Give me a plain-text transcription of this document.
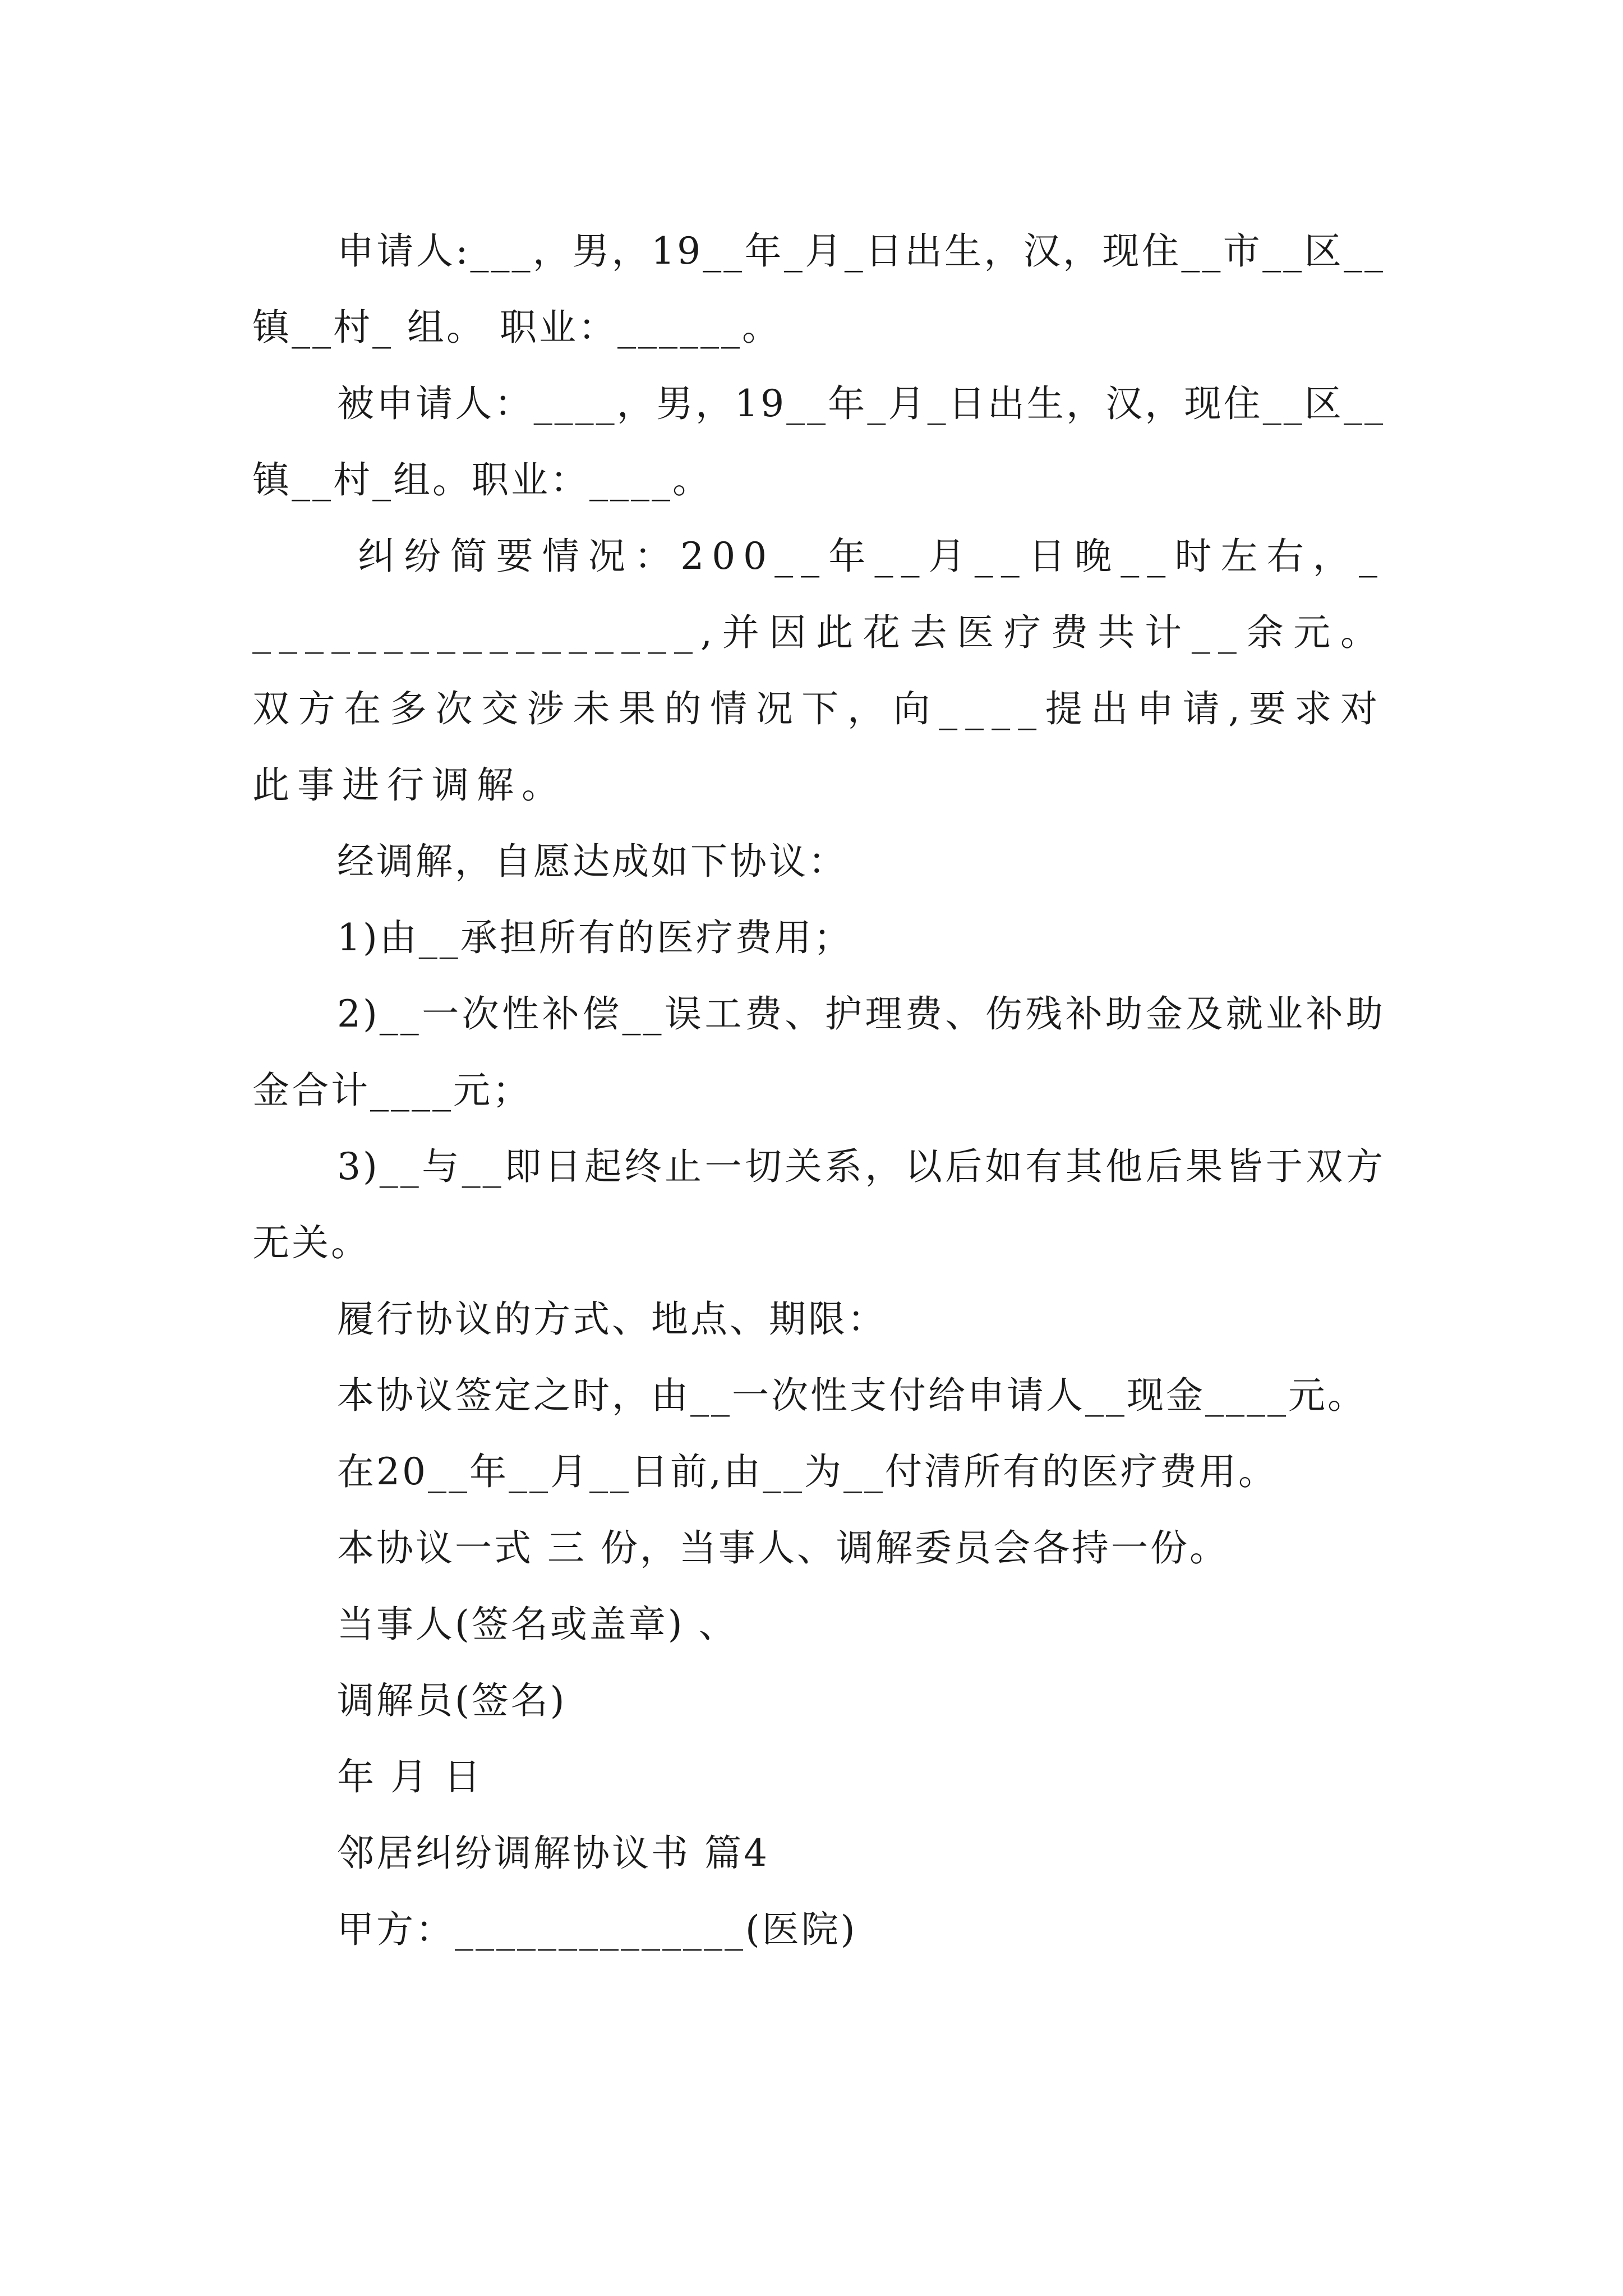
申请人:___，男，19__年_月_日出生，汉，现住__市__区__镇__村_ 组。 职业：______。

被申请人：____，男，19__年_月_日出生，汉，现住__区__镇__村_组。职业：____。

纠纷简要情况：200__年__月__日晚__时左右，__________________,并因此花去医疗费共计__余元。双方在多次交涉未果的情况下，向____提出申请,要求对此事进行调解。

经调解，自愿达成如下协议：

1)由__承担所有的医疗费用；

2)__一次性补偿__误工费、护理费、伤残补助金及就业补助金合计____元；

3)__与__即日起终止一切关系，以后如有其他后果皆于双方无关。

履行协议的方式、地点、期限：

本协议签定之时，由__一次性支付给申请人__现金____元。

在20__年__月__日前,由__为__付清所有的医疗费用。

本协议一式 三 份，当事人、调解委员会各持一份。

当事人(签名或盖章) 、

调解员(签名)

年 月 日

邻居纠纷调解协议书 篇4

甲方：______________(医院)
